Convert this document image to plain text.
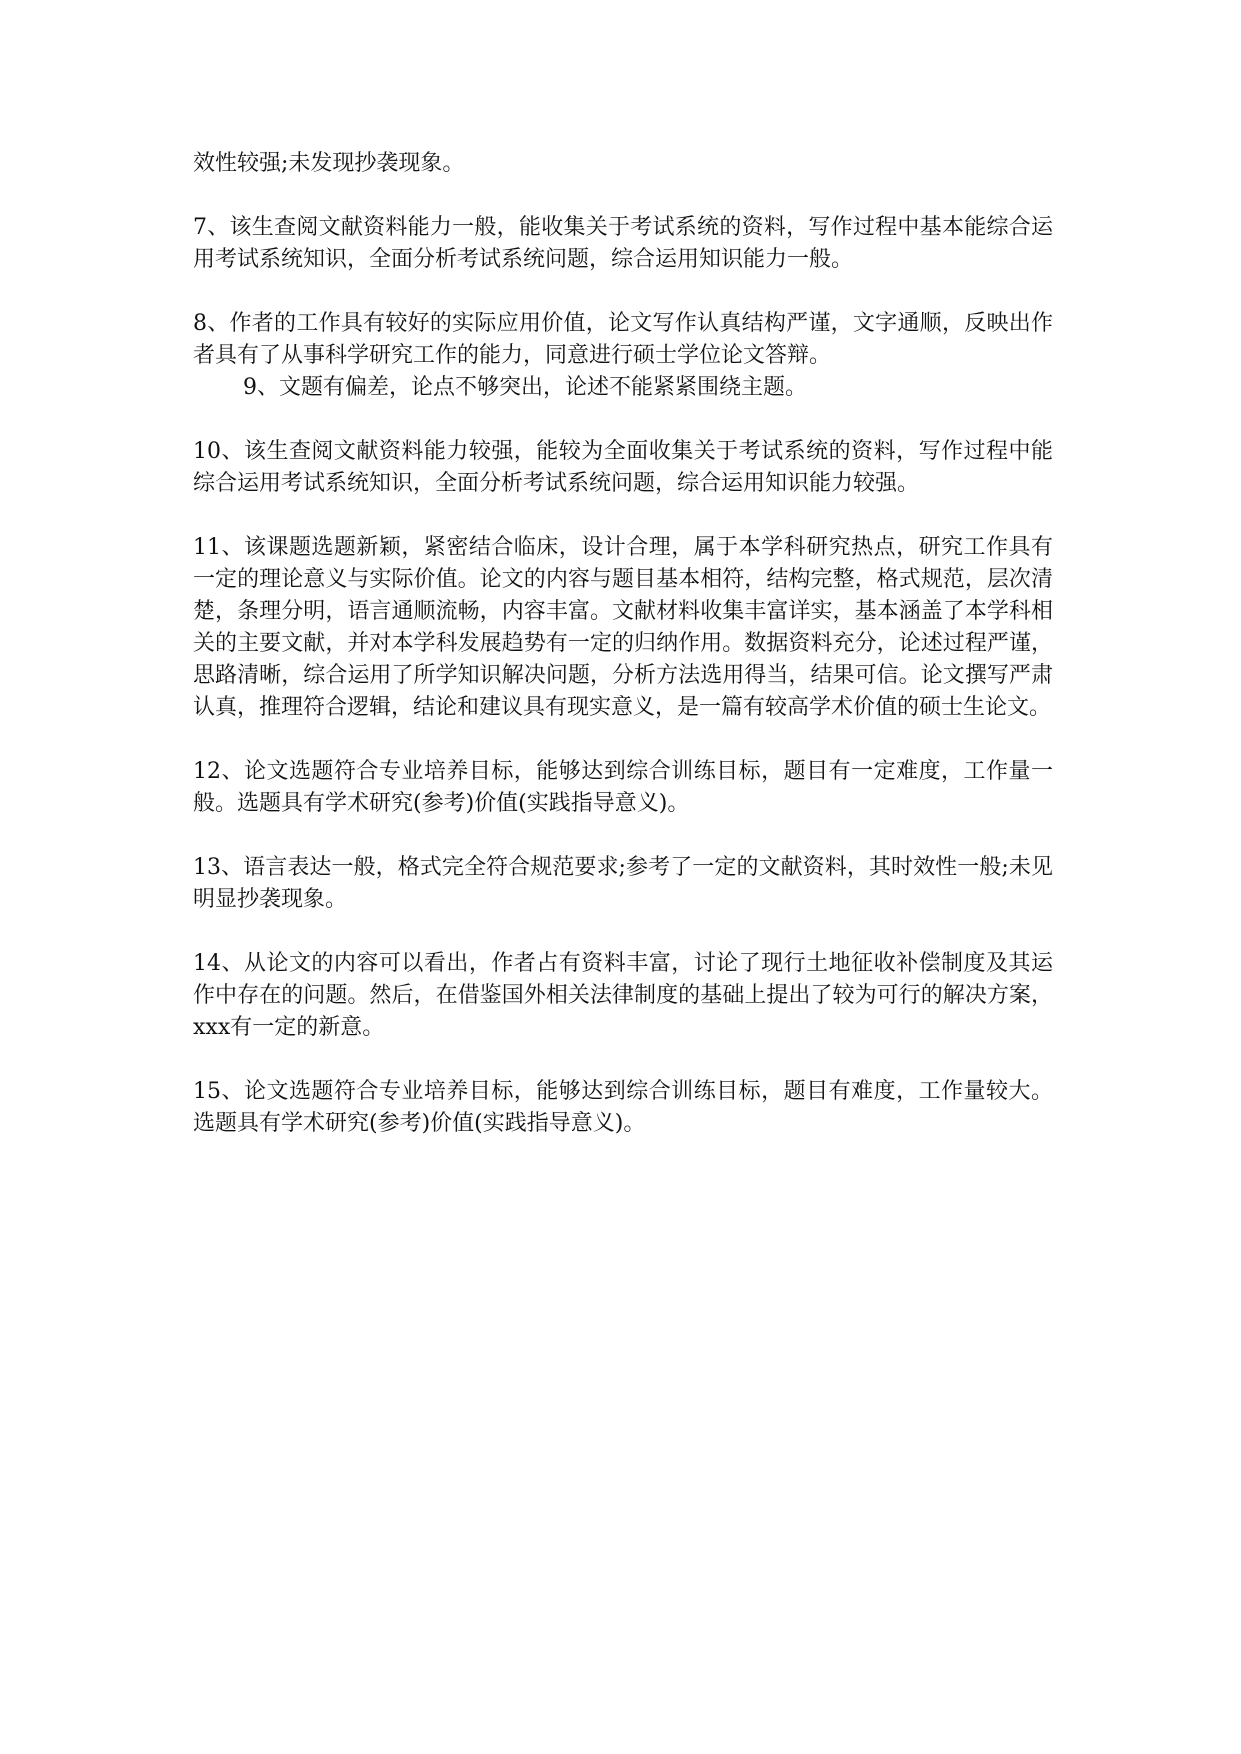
效性较强;未发现抄袭现象。

7、该生查阅文献资料能力一般，能收集关于考试系统的资料，写作过程中基本能综合运用考试系统知识，全面分析考试系统问题，综合运用知识能力一般。

8、作者的工作具有较好的实际应用价值，论文写作认真结构严谨，文字通顺，反映出作者具有了从事科学研究工作的能力，同意进行硕士学位论文答辩。

9、文题有偏差，论点不够突出，论述不能紧紧围绕主题。

10、该生查阅文献资料能力较强，能较为全面收集关于考试系统的资料，写作过程中能综合运用考试系统知识，全面分析考试系统问题，综合运用知识能力较强。

11、该课题选题新颖，紧密结合临床，设计合理，属于本学科研究热点，研究工作具有一定的理论意义与实际价值。论文的内容与题目基本相符，结构完整，格式规范，层次清楚，条理分明，语言通顺流畅，内容丰富。文献材料收集丰富详实，基本涵盖了本学科相关的主要文献，并对本学科发展趋势有一定的归纳作用。数据资料充分，论述过程严谨，思路清晰，综合运用了所学知识解决问题，分析方法选用得当，结果可信。论文撰写严肃认真，推理符合逻辑，结论和建议具有现实意义，是一篇有较高学术价值的硕士生论文。

12、论文选题符合专业培养目标，能够达到综合训练目标，题目有一定难度，工作量一般。选题具有学术研究(参考)价值(实践指导意义)。

13、语言表达一般，格式完全符合规范要求;参考了一定的文献资料，其时效性一般;未见明显抄袭现象。

14、从论文的内容可以看出，作者占有资料丰富，讨论了现行土地征收补偿制度及其运作中存在的问题。然后，在借鉴国外相关法律制度的基础上提出了较为可行的解决方案，xxx有一定的新意。

15、论文选题符合专业培养目标，能够达到综合训练目标，题目有难度，工作量较大。选题具有学术研究(参考)价值(实践指导意义)。
